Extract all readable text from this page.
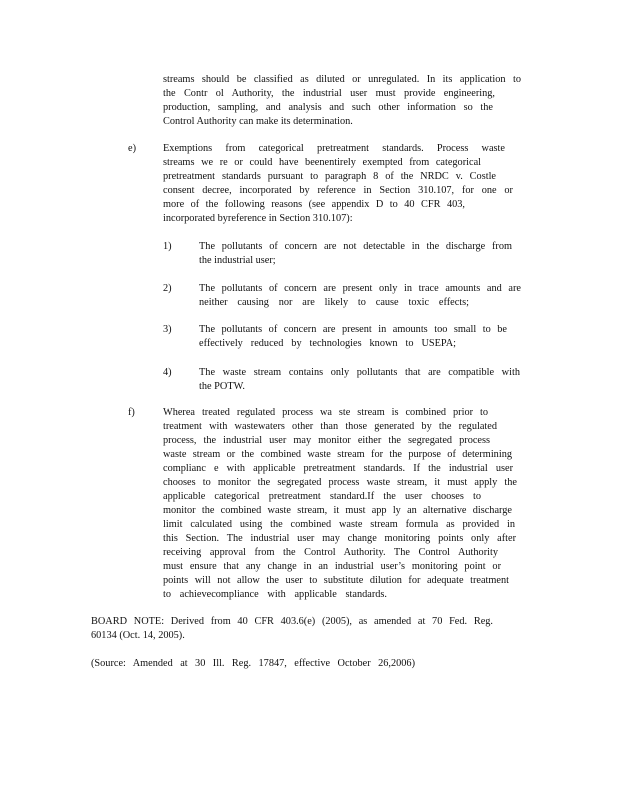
streams should be classified as diluted or unregulated. In its application to
the Contr ol Authority, the industrial user must provide engineering,
production, sampling, and analysis and such other information so the
Control Authority can make its determination.
e)	Exemptions from categorical pretreatment standards. Process waste
streams we re or could have beenentirely exempted from categorical
pretreatment standards pursuant to paragraph 8 of the NRDC v. Costle
consent decree, incorporated by reference in Section 310.107, for one or
more of the following reasons (see appendix D to 40 CFR 403,
incorporated byreference in Section 310.107):
1)	The pollutants of concern are not detectable in the discharge from
the industrial user;
2)	The pollutants of concern are present only in trace amounts and are
neither causing nor are likely to cause toxic effects;
3)	The pollutants of concern are present in amounts too small to be
effectively reduced by technologies known to USEPA;
4)	The waste stream contains only pollutants that are compatible with
the POTW.
f)	Wherea treated regulated process wa ste stream is combined prior to
treatment with wastewaters other than those generated by the regulated
process, the industrial user may monitor either the segregated process
waste stream or the combined waste stream for the purpose of determining
complianc e with applicable pretreatment standards. If the industrial user
chooses to monitor the segregated process waste stream, it must apply the
applicable categorical pretreatment standard.If the user chooses to
monitor the combined waste stream, it must app ly an alternative discharge
limit calculated using the combined waste stream formula as provided in
this Section. The industrial user may change monitoring points only after
receiving approval from the Control Authority. The Control Authority
must ensure that any change in an industrial user’s monitoring point or
points will not allow the user to substitute dilution for adequate treatment
to achievecompliance with applicable standards.
BOARD NOTE: Derived from 40 CFR 403.6(e) (2005), as amended at 70 Fed. Reg.
60134 (Oct. 14, 2005).
(Source: Amended at 30 Ill. Reg. 17847, effective October 26,2006)
